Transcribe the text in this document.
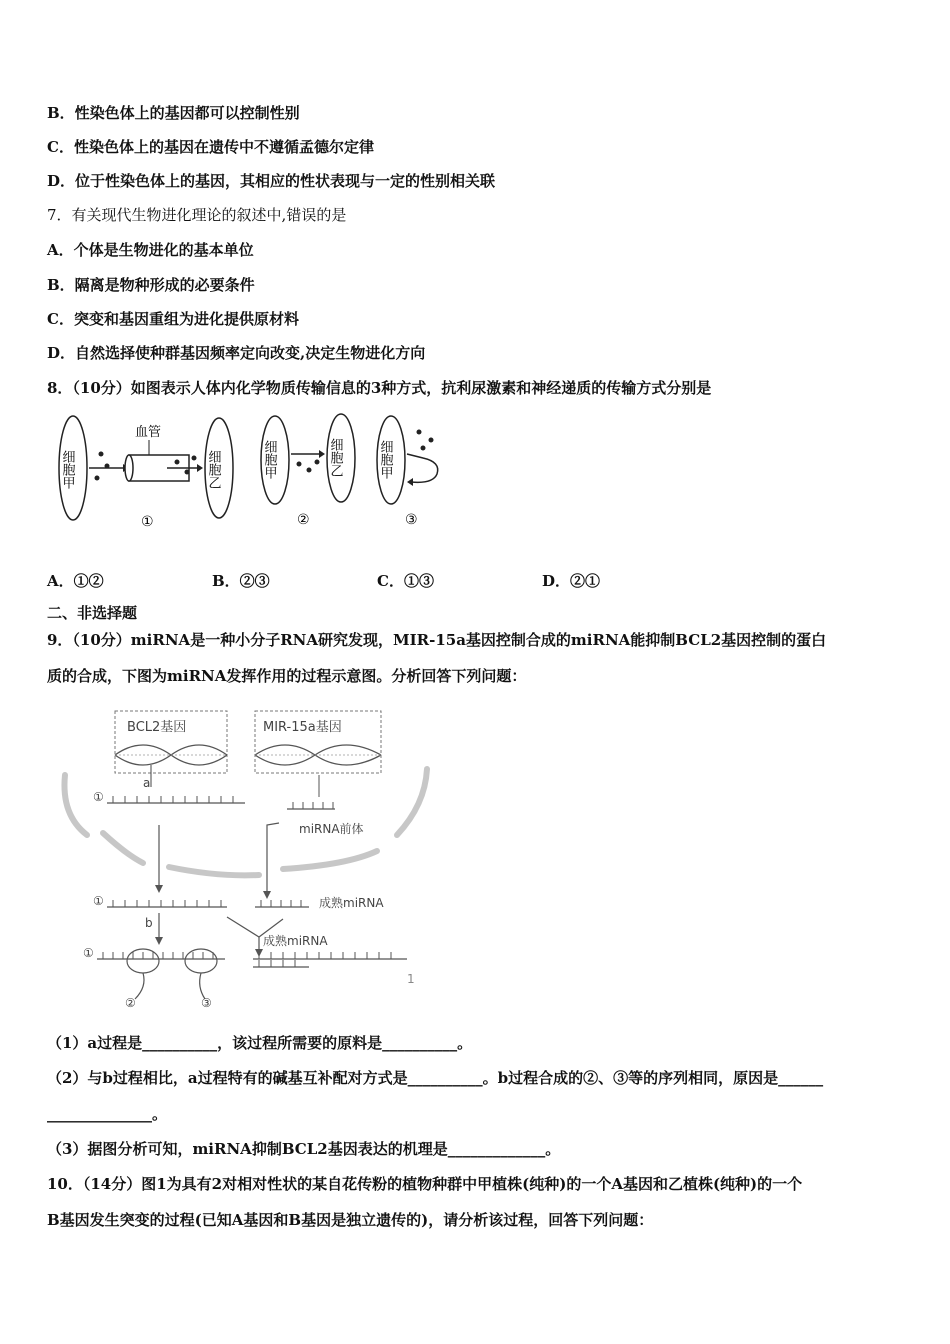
B．性染色体上的基因都可以控制性别
C．性染色体上的基因在遗传中不遵循孟德尔定律
D．位于性染色体上的基因，其相应的性状表现与一定的性别相关联
7．有关现代生物进化理论的叙述中,错误的是
A．个体是生物进化的基本单位
B．隔离是物种形成的必要条件
C．突变和基因重组为进化提供原材料
D．自然选择使种群基因频率定向改变,决定生物进化方向
8．（10分）如图表示人体内化学物质传输信息的3种方式，抗利尿激素和神经递质的传输方式分别是
细胞甲
血管
细胞乙
①
细胞甲	细胞乙
②
细胞甲
③
A．①②	B．②③	C．①③	D．②①
二、非选择题
9．（10分）miRNA是一种小分子RNA研究发现，MIR-15a基因控制合成的miRNA能抑制BCL2基因控制的蛋白
质的合成，下图为miRNA发挥作用的过程示意图。分析回答下列问题：
BCL2基因	MIR-15a基因
a
①
miRNA前体
①	成熟miRNA
b
成熟miRNA
①
②	③
1
（1）a过程是__________，该过程所需要的原料是__________。
（2）与b过程相比，a过程特有的碱基互补配对方式是__________。b过程合成的②、③等的序列相同，原因是______
______________。
（3）据图分析可知，miRNA抑制BCL2基因表达的机理是_____________。
10．（14分）图1为具有2对相对性状的某自花传粉的植物种群中甲植株(纯种)的一个A基因和乙植株(纯种)的一个
B基因发生突变的过程(已知A基因和B基因是独立遗传的)，请分析该过程，回答下列问题：
